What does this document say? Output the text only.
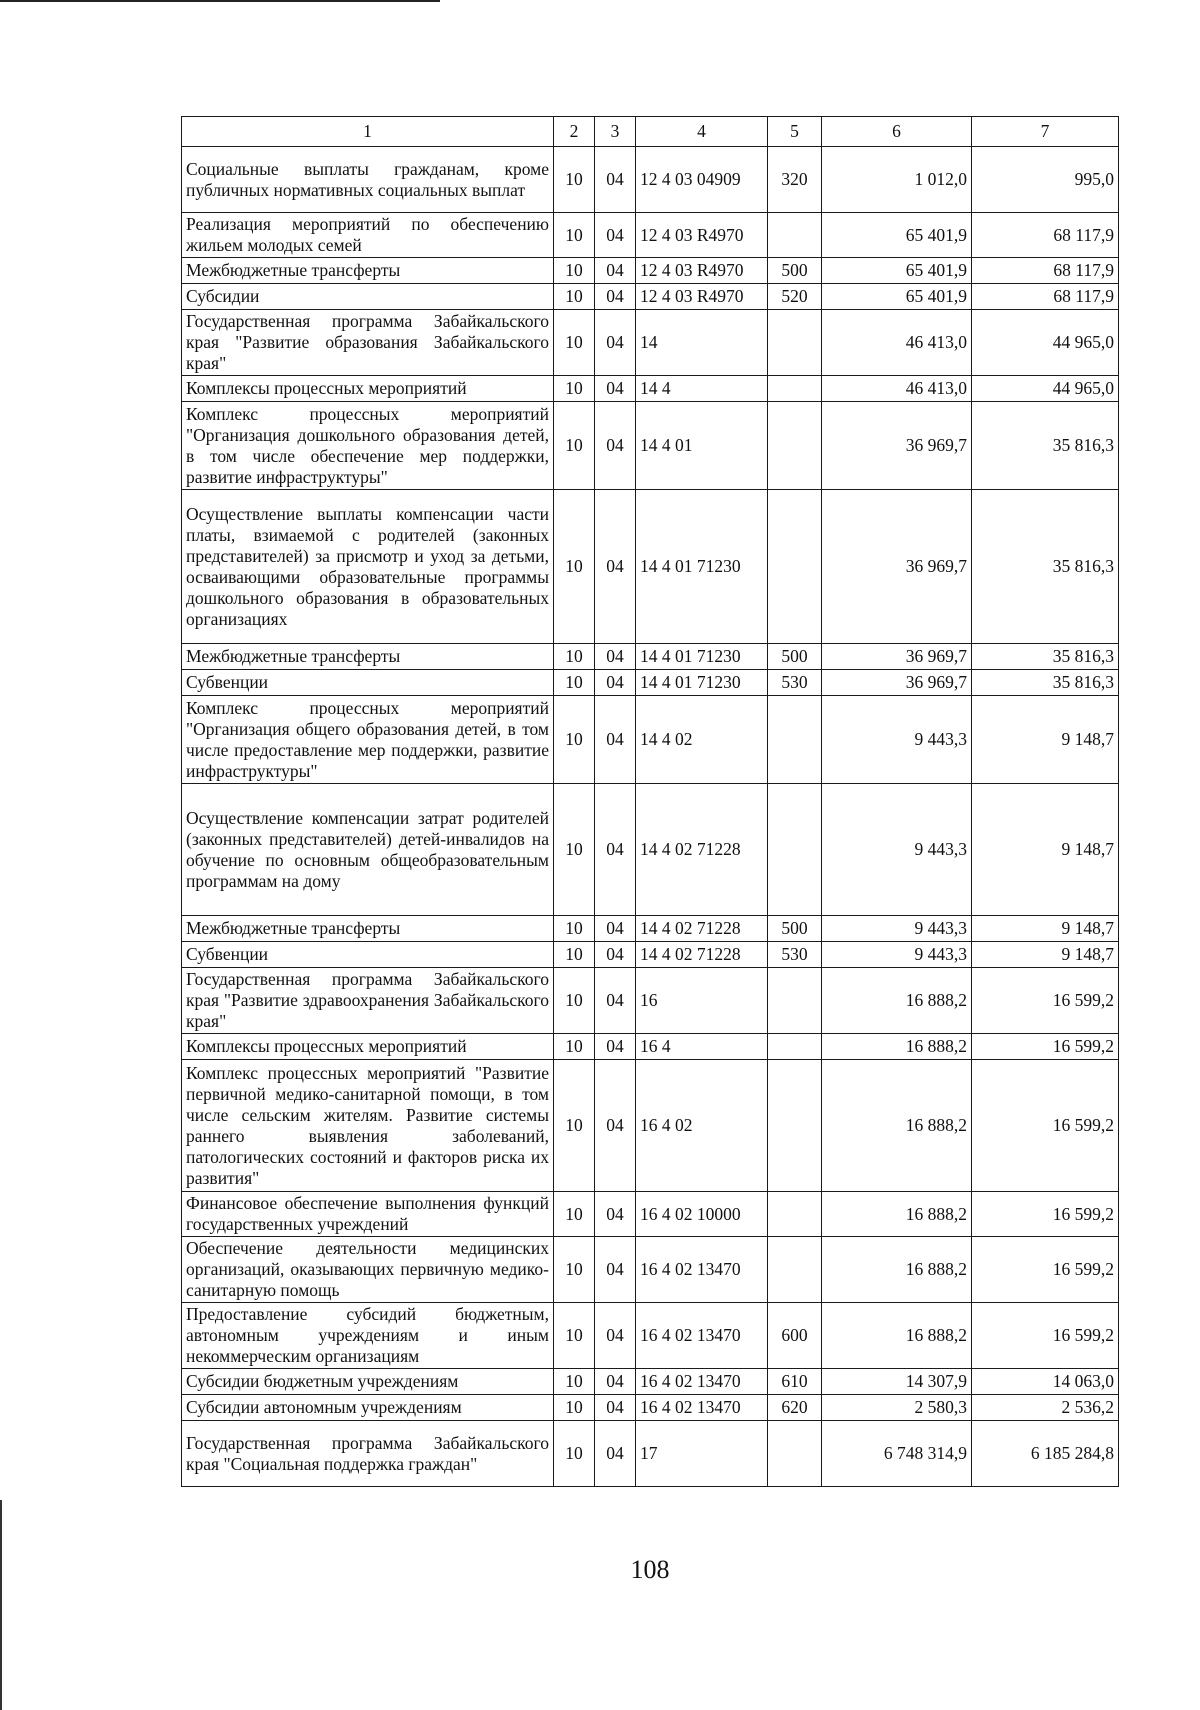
1	2	3	4	5	6	7
Социальные выплаты гражданам, кроме публичных нормативных социальных выплат	10	04	12 4 03 04909	320	1 012,0	995,0
Реализация мероприятий по обеспечению жильем молодых семей	10	04	12 4 03 R4970		65 401,9	68 117,9
Межбюджетные трансферты	10	04	12 4 03 R4970	500	65 401,9	68 117,9
Субсидии	10	04	12 4 03 R4970	520	65 401,9	68 117,9
Государственная программа Забайкальского края "Развитие образования Забайкальского края"	10	04	14		46 413,0	44 965,0
Комплексы процессных мероприятий	10	04	14 4		46 413,0	44 965,0
Комплекс процессных мероприятий "Организация дошкольного образования детей, в том числе обеспечение мер поддержки, развитие инфраструктуры"	10	04	14 4 01		36 969,7	35 816,3
Осуществление выплаты компенсации части платы, взимаемой с родителей (законных представителей) за присмотр и уход за детьми, осваивающими образовательные программы дошкольного образования в образовательных организациях	10	04	14 4 01 71230		36 969,7	35 816,3
Межбюджетные трансферты	10	04	14 4 01 71230	500	36 969,7	35 816,3
Субвенции	10	04	14 4 01 71230	530	36 969,7	35 816,3
Комплекс процессных мероприятий "Организация общего образования детей, в том числе предоставление мер поддержки, развитие инфраструктуры"	10	04	14 4 02		9 443,3	9 148,7
Осуществление компенсации затрат родителей (законных представителей) детей-инвалидов на обучение по основным общеобразовательным программам на дому	10	04	14 4 02 71228		9 443,3	9 148,7
Межбюджетные трансферты	10	04	14 4 02 71228	500	9 443,3	9 148,7
Субвенции	10	04	14 4 02 71228	530	9 443,3	9 148,7
Государственная программа Забайкальского края "Развитие здравоохранения Забайкальского края"	10	04	16		16 888,2	16 599,2
Комплексы процессных мероприятий	10	04	16 4		16 888,2	16 599,2
Комплекс процессных мероприятий "Развитие первичной медико-санитарной помощи, в том числе сельским жителям. Развитие системы раннего выявления заболеваний, патологических состояний и факторов риска их развития"	10	04	16 4 02		16 888,2	16 599,2
Финансовое обеспечение выполнения функций государственных учреждений	10	04	16 4 02 10000		16 888,2	16 599,2
Обеспечение деятельности медицинских организаций, оказывающих первичную медико-санитарную помощь	10	04	16 4 02 13470		16 888,2	16 599,2
Предоставление субсидий бюджетным, автономным учреждениям и иным некоммерческим организациям	10	04	16 4 02 13470	600	16 888,2	16 599,2
Субсидии бюджетным учреждениям	10	04	16 4 02 13470	610	14 307,9	14 063,0
Субсидии автономным учреждениям	10	04	16 4 02 13470	620	2 580,3	2 536,2
Государственная программа Забайкальского края "Социальная поддержка граждан"	10	04	17		6 748 314,9	6 185 284,8
108
